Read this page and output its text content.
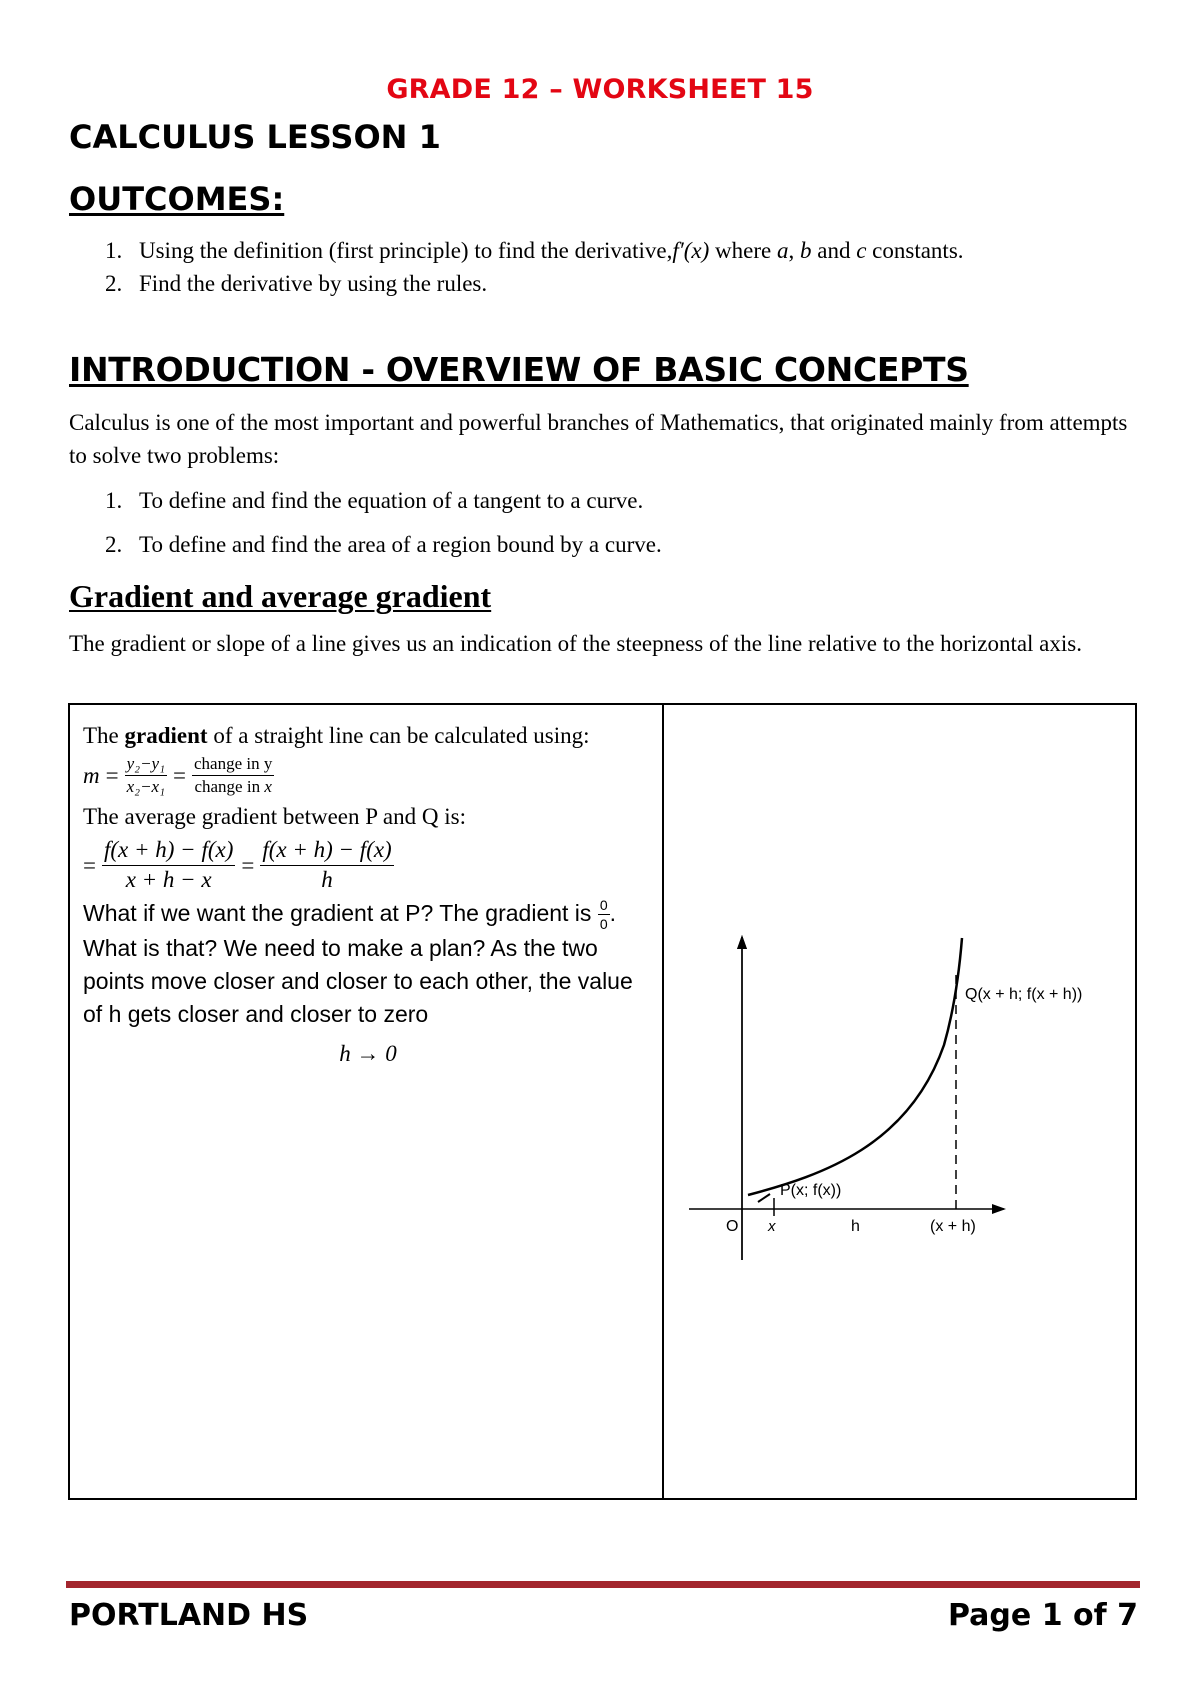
GRADE 12 – WORKSHEET 15
CALCULUS LESSON 1
OUTCOMES:
1. Using the definition (first principle) to find the derivative,f′(x) where a, b and c constants.
2. Find the derivative by using the rules.
INTRODUCTION - OVERVIEW OF BASIC CONCEPTS
Calculus is one of the most important and powerful branches of Mathematics, that originated mainly from attempts to solve two problems:
1. To define and find the equation of a tangent to a curve.
2. To define and find the area of a region bound by a curve.
Gradient and average gradient
The gradient or slope of a line gives us an indication of the steepness of the line relative to the horizontal axis.
The gradient of a straight line can be calculated using:
$m = \frac{\text{y₂−y₁}}{\text{x₂−x₁}} = \frac{\text{change in y}}{\text{change in x}}$
The average gradient between P and Q is:
= $\frac{f(x + h) - f(x)}{x + h - x} = \frac{f(x + h) - f(x)}{h}$
What if we want the gradient at P? The gradient is $\frac{0}{0}$ . What is that? We need to make a plan? As the two points move closer and closer to each other, the value of h gets closer and closer to zero
h → 0
P(x; f(x))
Q(x + h; f(x + h))
O x	h	(x + h)
PORTLAND HS	Page 1 of 7
